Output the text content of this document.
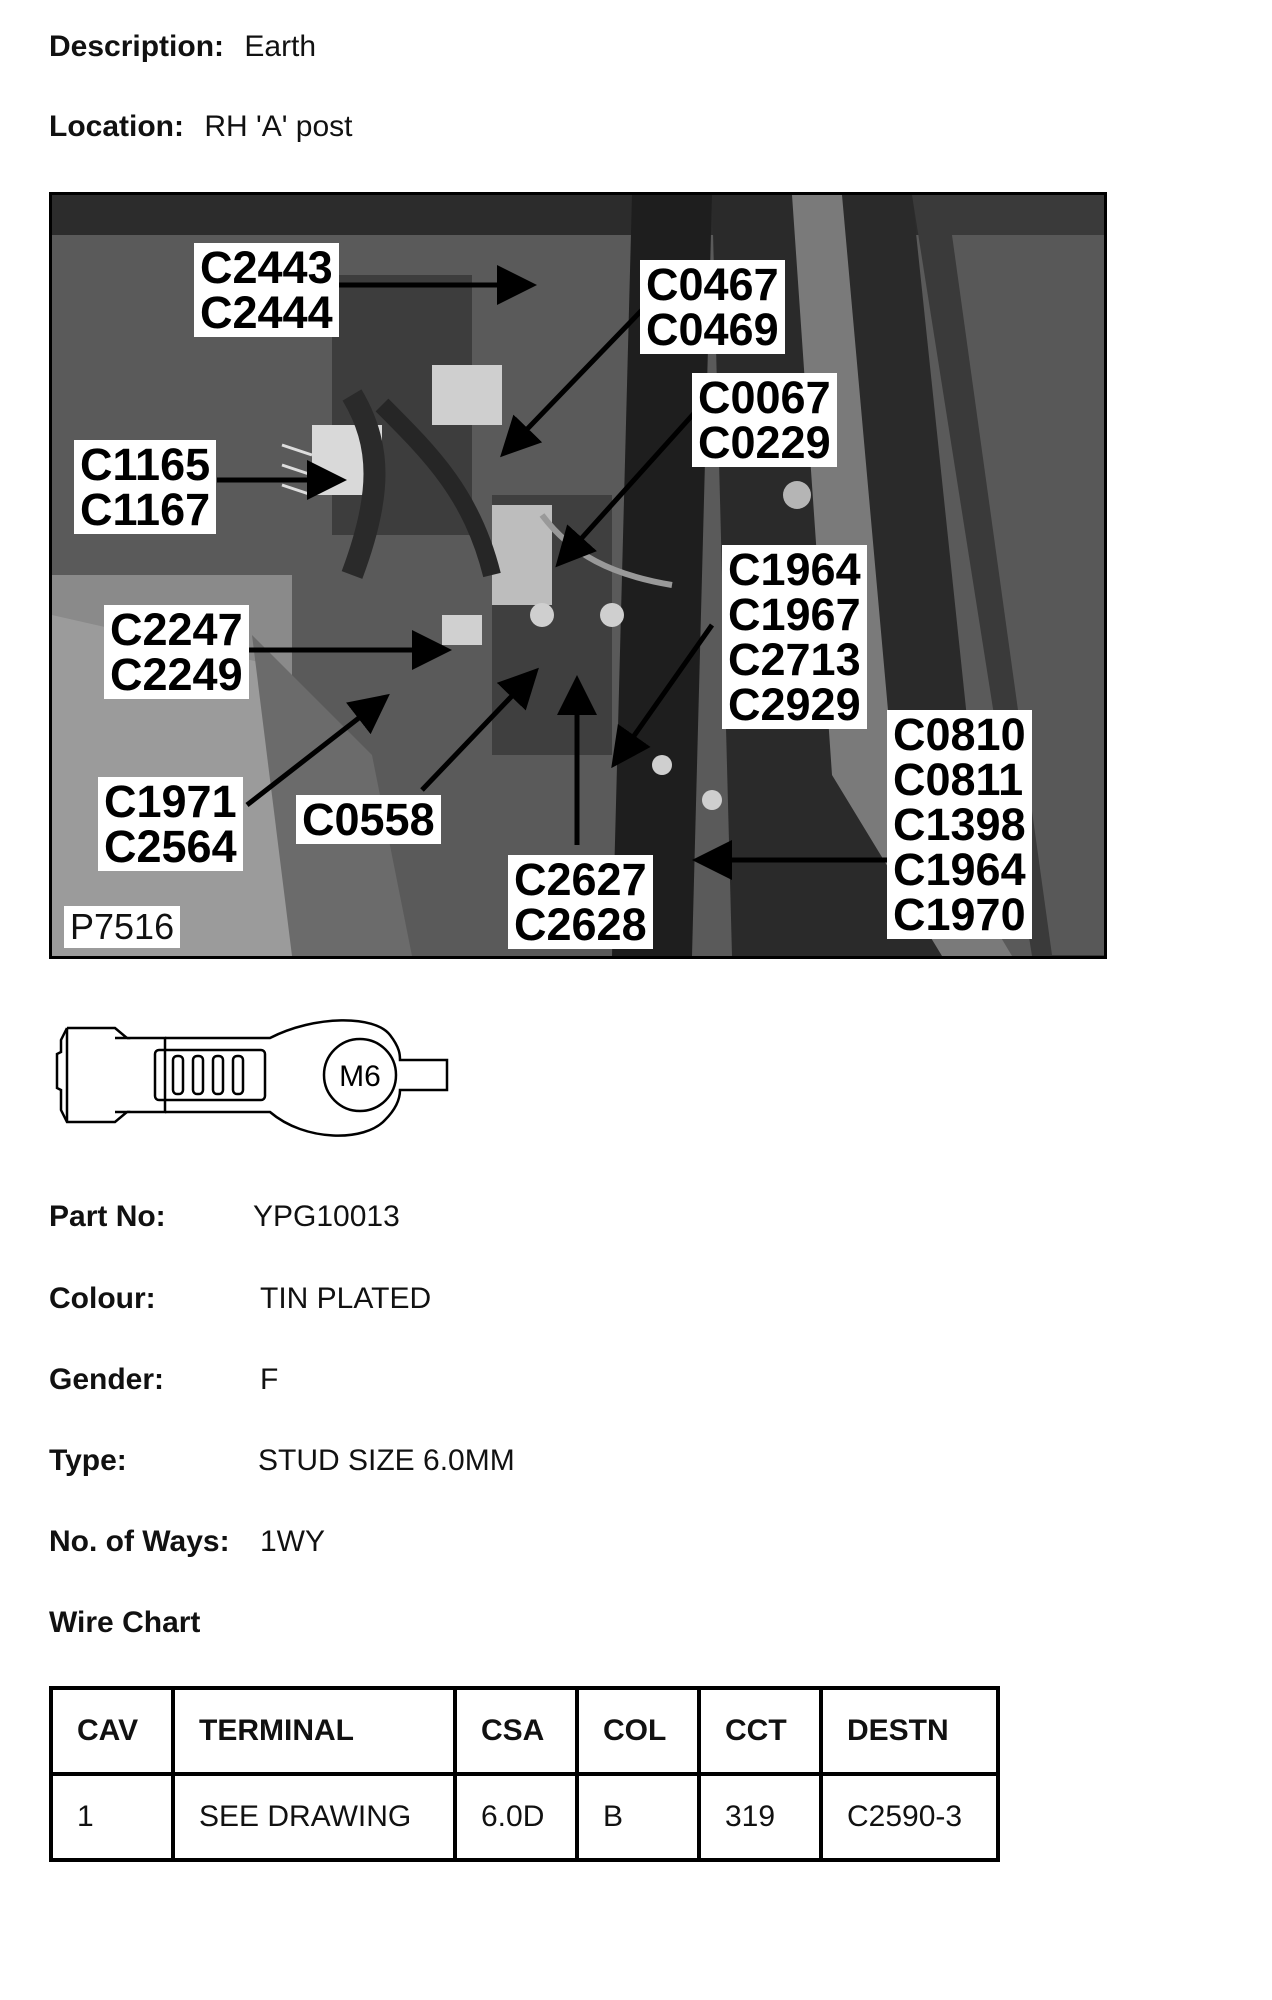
Description: Earth
Location: RH 'A' post
C2443
C2444
C0467
C0469
C0067
C0229
C1165
C1167
C1964
C1967
C2713
C2929
C2247
C2249
C0810
C0811
C1398
C1964
C1970
C1971
C2564
C0558
C2627
C2628
P7516
M6
Part No:	YPG10013
Colour:	TIN PLATED
Gender:	F
Type:	STUD SIZE 6.0MM
No. of Ways: 1WY
Wire Chart
CAV	TERMINAL	CSA	COL	CCT	DESTN
1	SEE DRAWING	6.0D	B	319	C2590-3
